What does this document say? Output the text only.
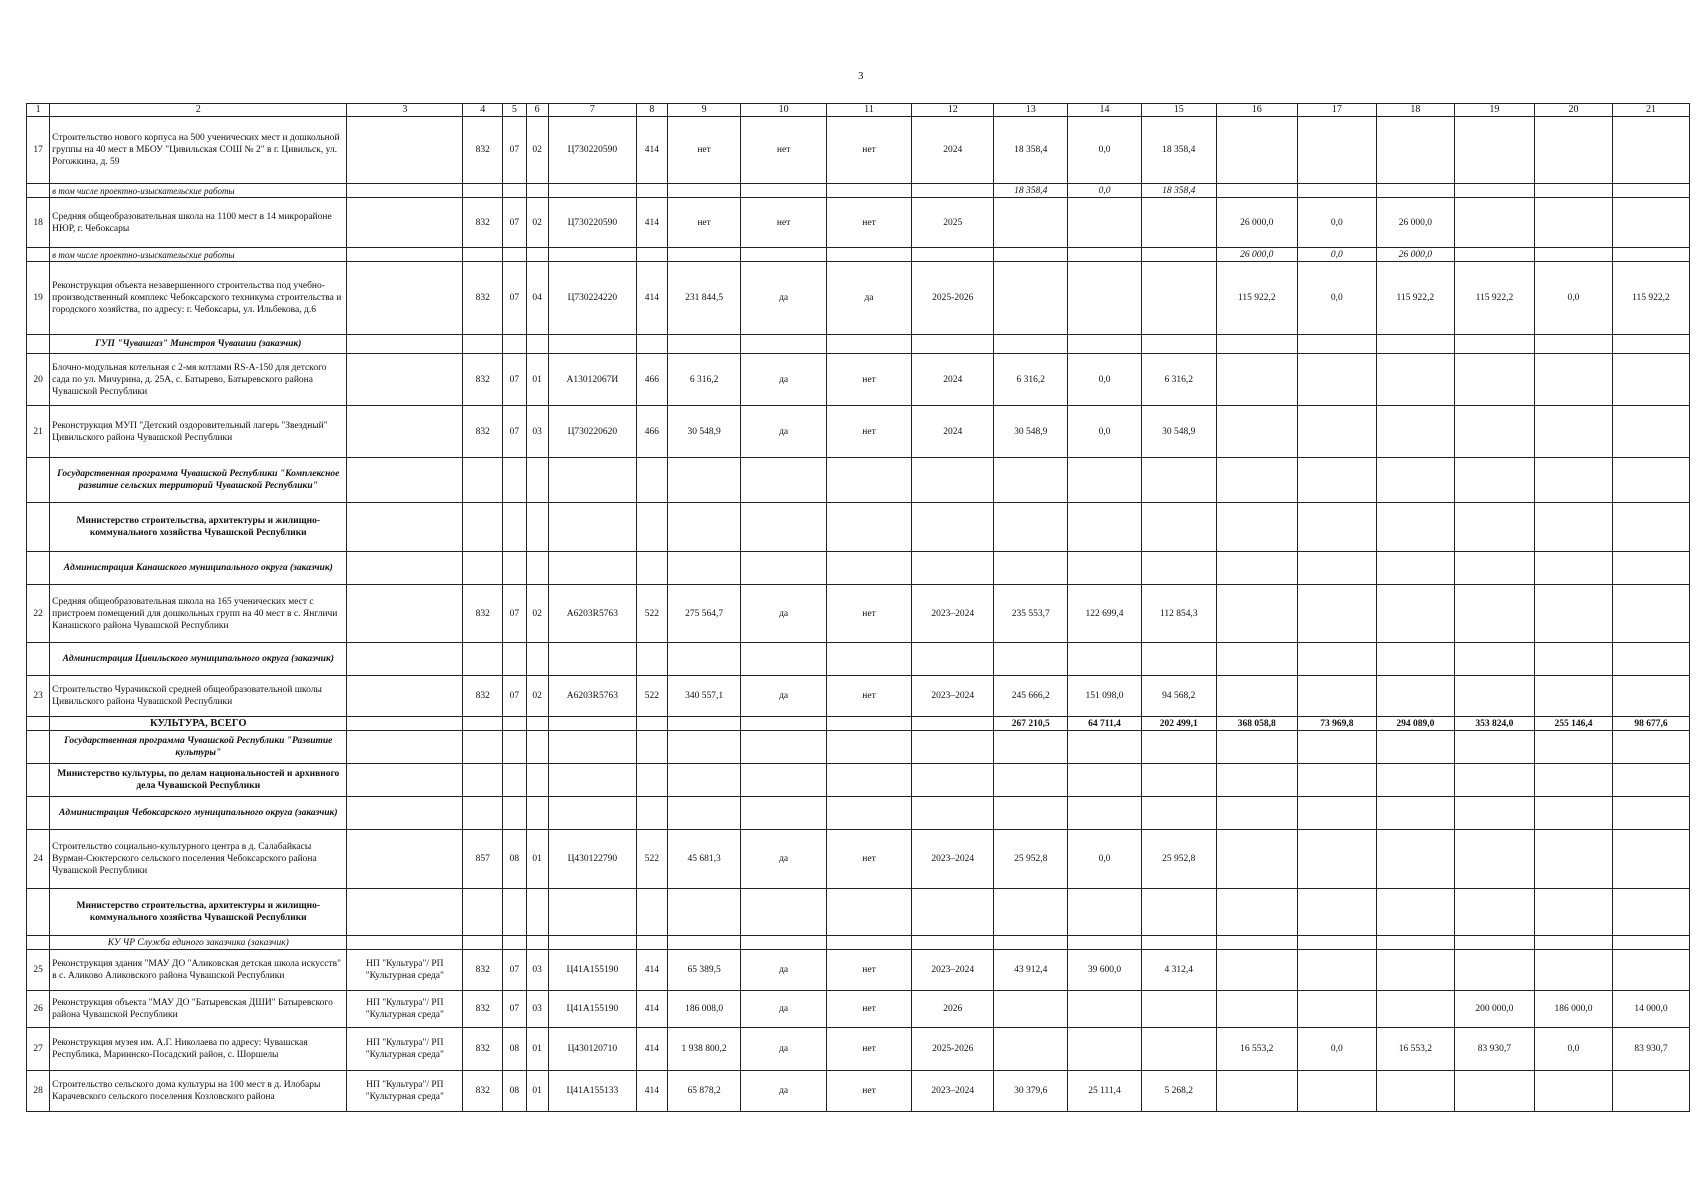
3
1	2	3	4	5	6	7	8	9	10	11	12	13	14	15	16	17	18	19	20	21
17	Строительство нового корпуса на 500 ученических мест и дошкольной группы на 40 мест в МБОУ "Цивильская СОШ № 2" в г. Цивильск, ул. Рогожкина, д. 59		832	07	02	Ц730220590	414	нет	нет	нет	2024	18 358,4	0,0	18 358,4						
	в том числе проектно-изыскательские работы											18 358,4	0,0	18 358,4						
18	Средняя общеобразовательная школа на 1100 мест в 14 микрорайоне НЮР, г. Чебоксары		832	07	02	Ц730220590	414	нет	нет	нет	2025				26 000,0	0,0	26 000,0			
	в том числе проектно-изыскательские работы														26 000,0	0,0	26 000,0			
19	Реконструкция объекта незавершенного строительства под учебно-производственный комплекс Чебоксарского техникума строительства и городского хозяйства, по адресу: г. Чебоксары, ул. Ильбекова, д.6		832	07	04	Ц730224220	414	231 844,5	да	да	2025-2026				115 922,2	0,0	115 922,2	115 922,2	0,0	115 922,2
	ГУП "Чувашгаз" Минстроя Чувашии (заказчик)																			
20	Блочно-модульная котельная с 2-мя котлами RS-A-150 для детского сада по ул. Мичурина, д. 25А, с. Батырево, Батыревского района Чувашской Республики		832	07	01	А13012067И	466	6 316,2	да	нет	2024	6 316,2	0,0	6 316,2						
21	Реконструкция МУП "Детский оздоровительный лагерь "Звездный" Цивильского района Чувашской Республики		832	07	03	Ц730220620	466	30 548,9	да	нет	2024	30 548,9	0,0	30 548,9						
	Государственная программа Чувашской Республики "Комплексное развитие сельских территорий Чувашской Республики"																			
	Министерство строительства, архитектуры и жилищно-коммунального хозяйства Чувашской Республики																			
	Администрация Канашского муниципального округа (заказчик)																			
22	Средняя общеобразовательная школа на 165 ученических мест с пристроем помещений для дошкольных групп на 40 мест в с. Янгличи Канашского района Чувашской Республики		832	07	02	А6203R5763	522	275 564,7	да	нет	2023–2024	235 553,7	122 699,4	112 854,3						
	Администрация Цивильского муниципального округа (заказчик)																			
23	Строительство Чурачикской средней общеобразовательной школы Цивильского района Чувашской Республики		832	07	02	А6203R5763	522	340 557,1	да	нет	2023–2024	245 666,2	151 098,0	94 568,2						
	КУЛЬТУРА, ВСЕГО											267 210,5	64 711,4	202 499,1	368 058,8	73 969,8	294 089,0	353 824,0	255 146,4	98 677,6
	Государственная программа Чувашской Республики "Развитие культуры"																			
	Министерство культуры, по делам национальностей и архивного дела Чувашской Республики																			
	Администрация Чебоксарского муниципального округа (заказчик)																			
24	Строительство социально-культурного центра в д. Салабайкасы Вурман-Сюктерского сельского поселения Чебоксарского района Чувашской Республики		857	08	01	Ц430122790	522	45 681,3	да	нет	2023–2024	25 952,8	0,0	25 952,8						
	Министерство строительства, архитектуры и жилищно-коммунального хозяйства Чувашской Республики																			
	КУ ЧР Служба единого заказчика (заказчик)																			
25	Реконструкция здания "МАУ ДО "Аликовская детская школа искусств" в с. Аликово Аликовского района Чувашской Республики	НП "Культура"/ РП "Культурная среда"	832	07	03	Ц41А155190	414	65 389,5	да	нет	2023–2024	43 912,4	39 600,0	4 312,4						
26	Реконструкция объекта "МАУ ДО "Батыревская ДШИ" Батыревского района Чувашской Республики	НП "Культура"/ РП "Культурная среда"	832	07	03	Ц41А155190	414	186 008,0	да	нет	2026							200 000,0	186 000,0	14 000,0
27	Реконструкция музея им. А.Г. Николаева по адресу: Чувашская Республика, Мариинско-Посадский район, с. Шоршелы	НП "Культура"/ РП "Культурная среда"	832	08	01	Ц430120710	414	1 938 800,2	да	нет	2025-2026				16 553,2	0,0	16 553,2	83 930,7	0,0	83 930,7
28	Строительство сельского дома культуры на 100 мест в д. Илобары Карачевского сельского поселения Козловского района	НП "Культура"/ РП "Культурная среда"	832	08	01	Ц41А155133	414	65 878,2	да	нет	2023–2024	30 379,6	25 111,4	5 268,2						
